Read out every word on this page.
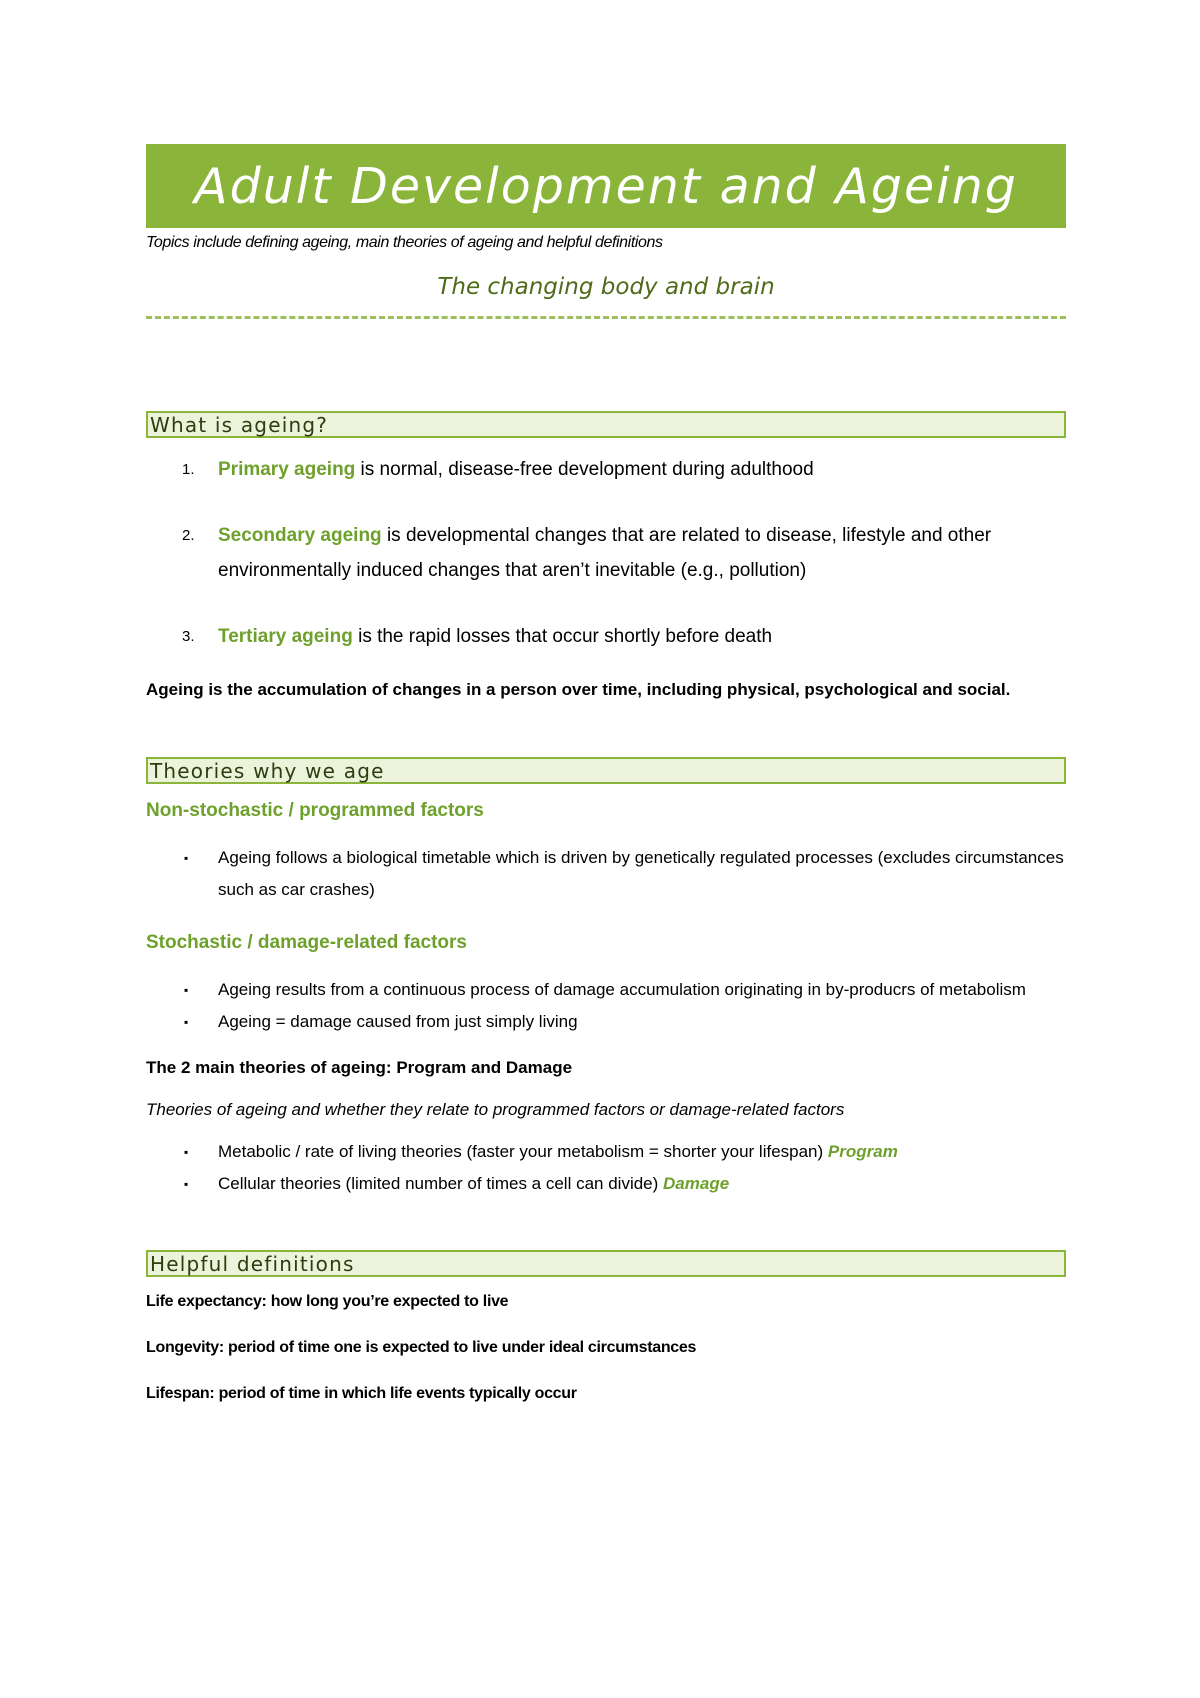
Adult Development and Ageing
Topics include defining ageing, main theories of ageing and helpful definitions
The changing body and brain
What is ageing?
1.	Primary ageing is normal, disease-free development during adulthood
2.	Secondary ageing is developmental changes that are related to disease, lifestyle and other environmentally induced changes that aren’t inevitable (e.g., pollution)
3.	Tertiary ageing is the rapid losses that occur shortly before death
Ageing is the accumulation of changes in a person over time, including physical, psychological and social.
Theories why we age
Non-stochastic / programmed factors
▪	Ageing follows a biological timetable which is driven by genetically regulated processes (excludes circumstances such as car crashes)
Stochastic / damage-related factors
▪	Ageing results from a continuous process of damage accumulation originating in by-producrs of metabolism
▪	Ageing = damage caused from just simply living
The 2 main theories of ageing: Program and Damage
Theories of ageing and whether they relate to programmed factors or damage-related factors
▪	Metabolic / rate of living theories (faster your metabolism = shorter your lifespan) Program
▪	Cellular theories (limited number of times a cell can divide) Damage
Helpful definitions
Life expectancy: how long you’re expected to live
Longevity: period of time one is expected to live under ideal circumstances
Lifespan: period of time in which life events typically occur
